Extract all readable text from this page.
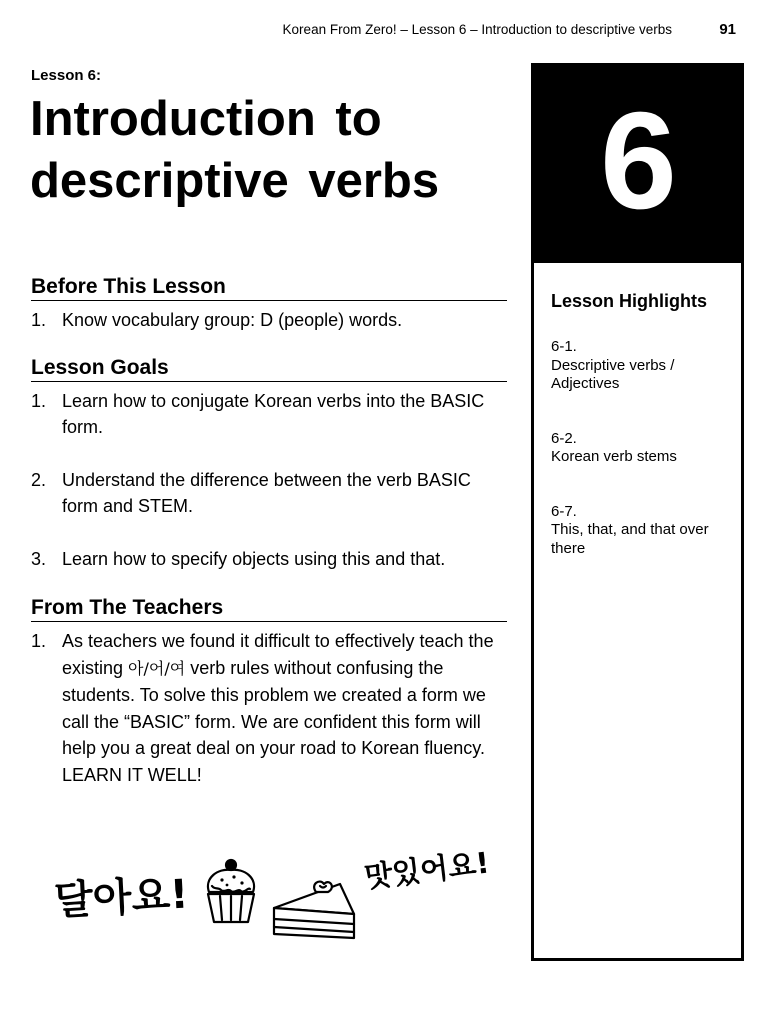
Korean From Zero! – Lesson 6 – Introduction to descriptive verbs	91
Lesson 6:
Introduction to descriptive verbs
Before This Lesson
1. Know vocabulary group: D (people) words.
Lesson Goals
1. Learn how to conjugate Korean verbs into the BASIC form.
2. Understand the difference between the verb BASIC form and STEM.
3. Learn how to specify objects using this and that.
From The Teachers
1. As teachers we found it difficult to effectively teach the existing 아/어/여 verb rules without confusing the students. To solve this problem we created a form we call the “BASIC” form. We are confident this form will help you a great deal on your road to Korean fluency. LEARN IT WELL!
6
Lesson Highlights
6-1.
Descriptive verbs / Adjectives
6-2.
Korean verb stems
6-7.
This, that, and that over there
달아요!
맛있어요!
